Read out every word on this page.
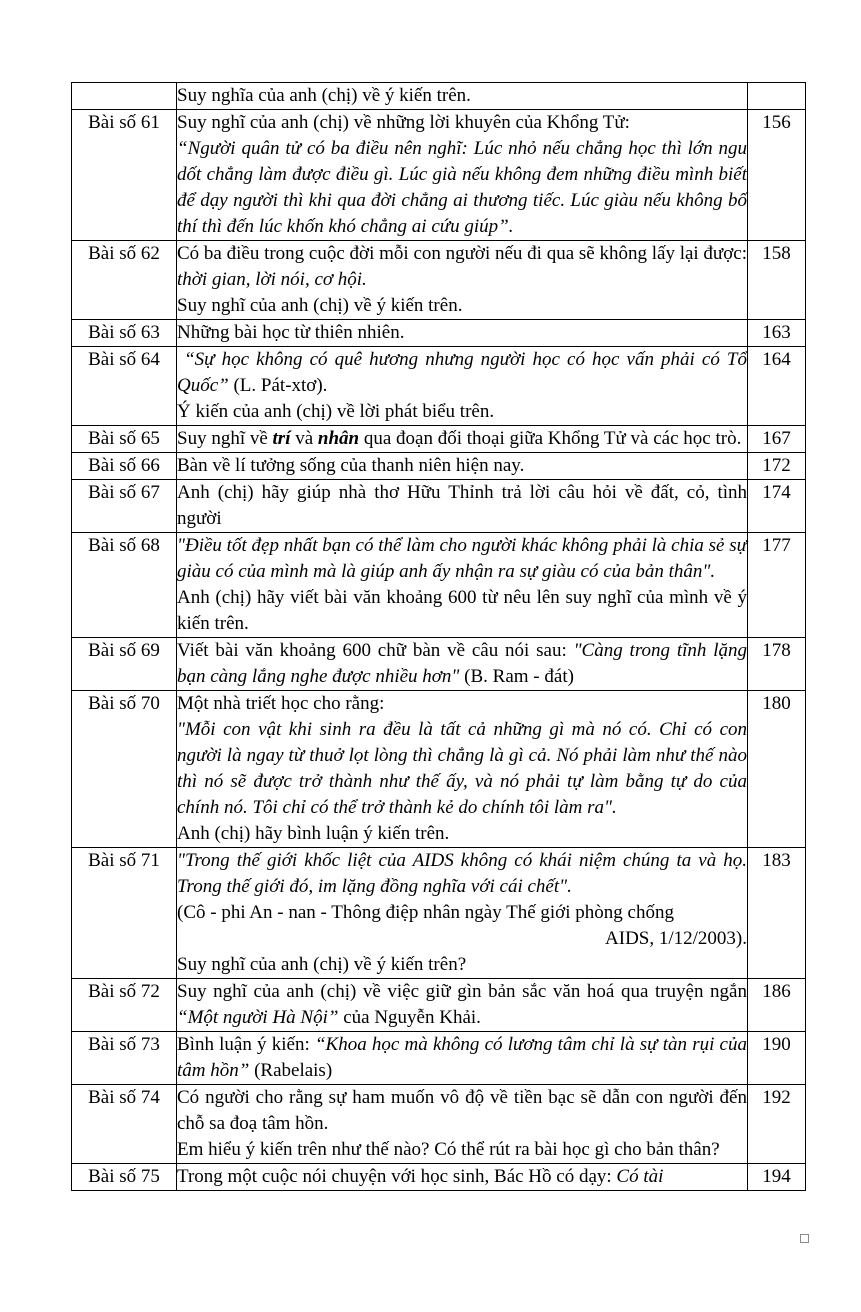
	Suy nghĩa của anh (chị) về ý kiến trên.	

Bài số 61	Suy nghĩ của anh (chị) về những lời khuyên của Khổng Tử:
“Người quân tử có ba điều nên nghĩ: Lúc nhỏ nếu chẳng học thì lớn ngu dốt chẳng làm được điều gì. Lúc già nếu không đem những điều mình biết để dạy người thì khi qua đời chẳng ai thương tiếc. Lúc giàu nếu không bố thí thì đến lúc khốn khó chẳng ai cứu giúp”.	156
Bài số 62	Có ba điều trong cuộc đời mỗi con người nếu đi qua sẽ không lấy lại được: thời gian, lời nói, cơ hội.
Suy nghĩ của anh (chị) về ý kiến trên.	158
Bài số 63	Những bài học từ thiên nhiên.	163
Bài số 64	“Sự học không có quê hương nhưng người học có học vấn phải có Tổ Quốc” (L. Pát-xtơ).
Ý kiến của anh (chị) về lời phát biểu trên.	164
Bài số 65	Suy nghĩ về trí và nhân qua đoạn đối thoại giữa Khổng Tử và các học trò.	167
Bài số 66	Bàn về lí tưởng sống của thanh niên hiện nay.	172
Bài số 67	Anh (chị) hãy giúp nhà thơ Hữu Thỉnh trả lời câu hỏi về đất, cỏ, tình người	174
Bài số 68	"Điều tốt đẹp nhất bạn có thể làm cho người khác không phải là chia sẻ sự giàu có của mình mà là giúp anh ấy nhận ra sự giàu có của bản thân".
Anh (chị) hãy viết bài văn khoảng 600 từ nêu lên suy nghĩ của mình về ý kiến trên.	177
Bài số 69	Viết bài văn khoảng 600 chữ bàn về câu nói sau: "Càng trong tĩnh lặng bạn càng lắng nghe được nhiều hơn" (B. Ram - đát)	178
Bài số 70	Một nhà triết học cho rằng:
"Mỗi con vật khi sinh ra đều là tất cả những gì mà nó có. Chỉ có con người là ngay từ thuở lọt lòng thì chẳng là gì cả. Nó phải làm như thế nào thì nó sẽ được trở thành như thế ấy, và nó phải tự làm bằng tự do của chính nó. Tôi chỉ có thể trở thành kẻ do chính tôi làm ra".
Anh (chị) hãy bình luận ý kiến trên.	180
Bài số 71	"Trong thế giới khốc liệt của AIDS không có khái niệm chúng ta và họ. Trong thế giới đó, im lặng đồng nghĩa với cái chết".
(Cô - phi An - nan - Thông điệp nhân ngày Thế giới phòng chống
AIDS, 1/12/2003).
Suy nghĩ của anh (chị) về ý kiến trên?	183
Bài số 72	Suy nghĩ của anh (chị) về việc giữ gìn bản sắc văn hoá qua truyện ngắn “Một người Hà Nội” của Nguyễn Khải.	186
Bài số 73	Bình luận ý kiến: “Khoa học mà không có lương tâm chỉ là sự tàn rụi của tâm hồn” (Rabelais)	190
Bài số 74	Có người cho rằng sự ham muốn vô độ về tiền bạc sẽ dẫn con người đến chỗ sa đoạ tâm hồn.
Em hiểu ý kiến trên như thế nào? Có thể rút ra bài học gì cho bản thân?	192
Bài số 75	Trong một cuộc nói chuyện với học sinh, Bác Hồ có dạy: Có tài	194
